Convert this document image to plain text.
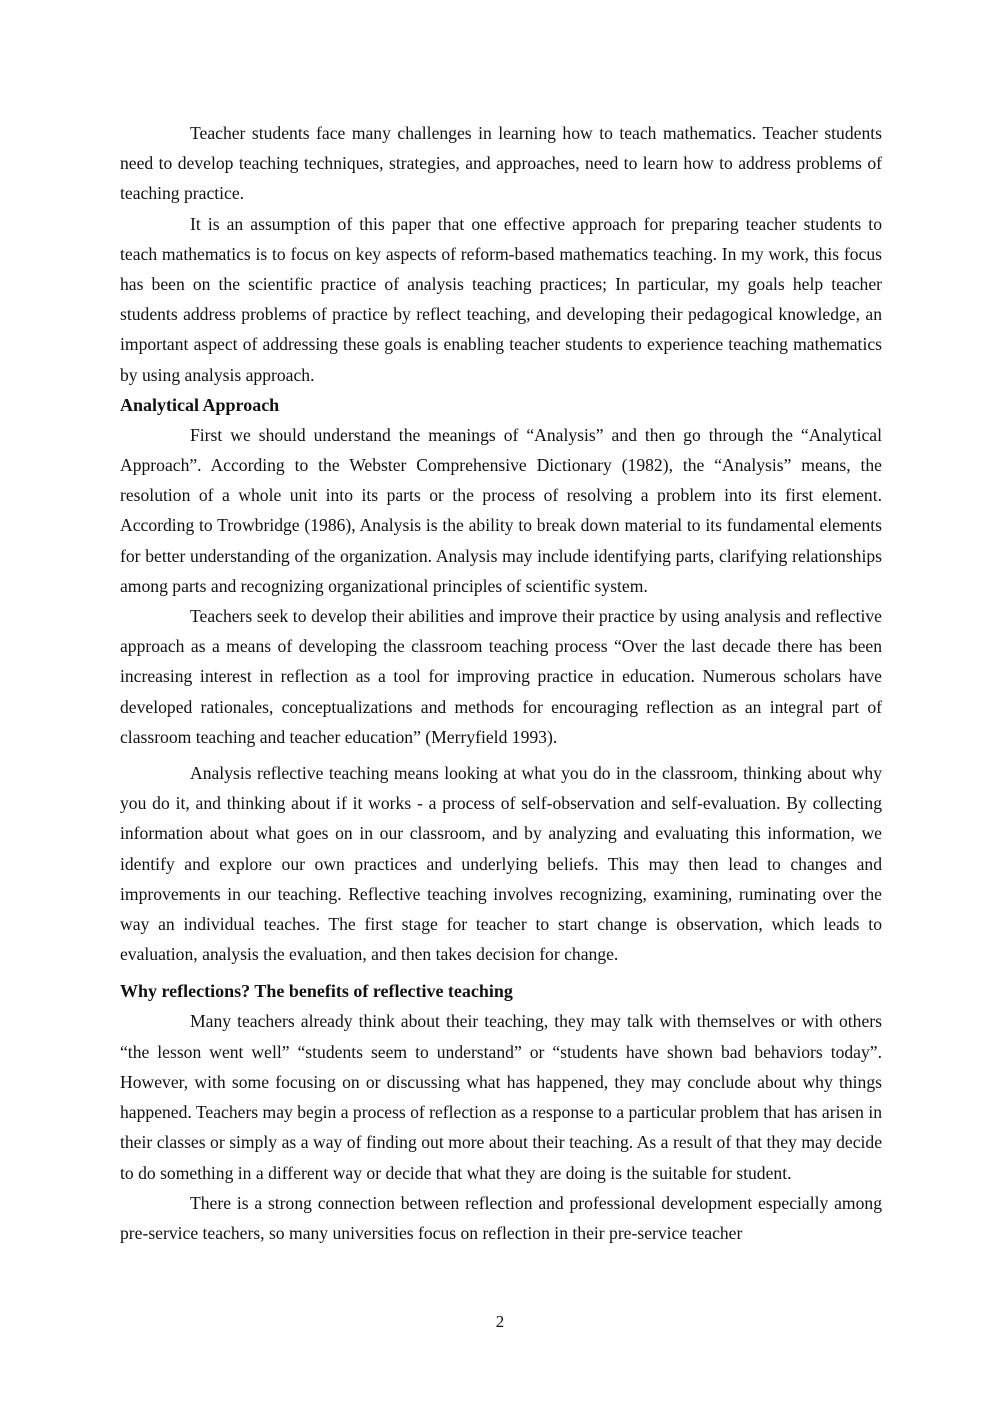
Teacher students face many challenges in learning how to teach mathematics. Teacher students need to develop teaching techniques, strategies, and approaches, need to learn how to address problems of teaching practice.

It is an assumption of this paper that one effective approach for preparing teacher students to teach mathematics is to focus on key aspects of reform-based mathematics teaching. In my work, this focus has been on the scientific practice of analysis teaching practices; In particular, my goals help teacher students address problems of practice by reflect teaching, and developing their pedagogical knowledge, an important aspect of addressing these goals is enabling teacher students to experience teaching mathematics by using analysis approach.

Analytical Approach

First we should understand the meanings of “Analysis” and then go through the “Analytical Approach”. According to the Webster Comprehensive Dictionary (1982), the “Analysis” means, the resolution of a whole unit into its parts or the process of resolving a problem into its first element. According to Trowbridge (1986), Analysis is the ability to break down material to its fundamental elements for better understanding of the organization. Analysis may include identifying parts, clarifying relationships among parts and recognizing organizational principles of scientific system.

Teachers seek to develop their abilities and improve their practice by using analysis and reflective approach as a means of developing the classroom teaching process “Over the last decade there has been increasing interest in reflection as a tool for improving practice in education. Numerous scholars have developed rationales, conceptualizations and methods for encouraging reflection as an integral part of classroom teaching and teacher education” (Merryfield 1993).

Analysis reflective teaching means looking at what you do in the classroom, thinking about why you do it, and thinking about if it works - a process of self-observation and self-evaluation. By collecting information about what goes on in our classroom, and by analyzing and evaluating this information, we identify and explore our own practices and underlying beliefs. This may then lead to changes and improvements in our teaching. Reflective teaching involves recognizing, examining, ruminating over the way an individual teaches. The first stage for teacher to start change is observation, which leads to evaluation, analysis the evaluation, and then takes decision for change.

Why reflections? The benefits of reflective teaching

Many teachers already think about their teaching, they may talk with themselves or with others “the lesson went well” “students seem to understand” or “students have shown bad behaviors today”. However, with some focusing on or discussing what has happened, they may conclude about why things happened. Teachers may begin a process of reflection as a response to a particular problem that has arisen in their classes or simply as a way of finding out more about their teaching. As a result of that they may decide to do something in a different way or decide that what they are doing is the suitable for student.

There is a strong connection between reflection and professional development especially among pre-service teachers, so many universities focus on reflection in their pre-service teacher

2
